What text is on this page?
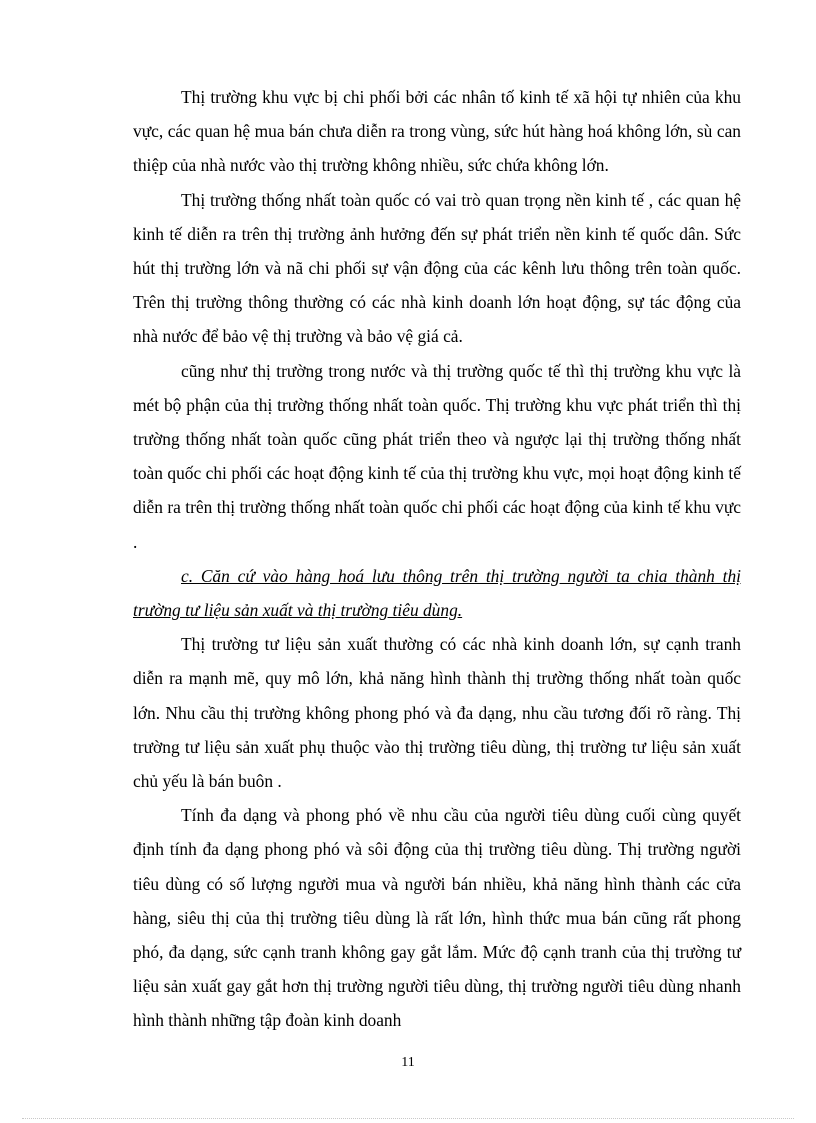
Thị trường khu vực bị chi phối bởi các nhân tố kinh tế xã hội tự nhiên của khu vực, các quan hệ mua bán chưa diễn ra trong vùng, sức hút hàng hoá không lớn, sù can thiệp của nhà nước vào thị trường không nhiều, sức chứa không lớn.

Thị trường thống nhất toàn quốc có vai trò quan trọng nền kinh tế , các quan hệ kinh tế diễn ra trên thị trường ảnh hưởng đến sự phát triển nền kinh tế quốc dân. Sức hút thị trường lớn và nã chi phối sự vận động của các kênh lưu thông trên toàn quốc. Trên thị trường thông thường có các nhà kinh doanh lớn hoạt động, sự tác động của nhà nước để bảo vệ thị trường và bảo vệ giá cả.

cũng như thị trường trong nước và thị trường quốc tế thì thị trường khu vực là mét bộ phận của thị trường thống nhất toàn quốc. Thị trường khu vực phát triển thì thị trường thống nhất toàn quốc cũng phát triển theo và ngược lại thị trường thống nhất toàn quốc chi phối các hoạt động kinh tế của thị trường khu vực, mọi hoạt động kinh tế diễn ra trên thị trường thống nhất toàn quốc chi phối các hoạt động của kinh tế khu vực .

c. Căn cứ vào hàng hoá lưu thông trên thị trường người ta chia thành thị trường tư liệu sản xuất và thị trường tiêu dùng.

Thị trường tư liệu sản xuất thường có các nhà kinh doanh lớn, sự cạnh tranh diễn ra mạnh mẽ, quy mô lớn, khả năng hình thành thị trường thống nhất toàn quốc lớn. Nhu cầu thị trường không phong phó và đa dạng, nhu cầu tương đối rõ ràng. Thị trường tư liệu sản xuất phụ thuộc vào thị trường tiêu dùng, thị trường tư liệu sản xuất chủ yếu là bán buôn .

Tính đa dạng và phong phó về nhu cầu của người tiêu dùng cuối cùng quyết định tính đa dạng phong phó và sôi động của thị trường tiêu dùng. Thị trường người tiêu dùng có số lượng người mua và người bán nhiều, khả năng hình thành các cửa hàng, siêu thị của thị trường tiêu dùng là rất lớn, hình thức mua bán cũng rất phong phó, đa dạng, sức cạnh tranh không gay gắt lắm. Mức độ cạnh tranh của thị trường tư liệu sản xuất gay gắt hơn thị trường người tiêu dùng, thị trường người tiêu dùng nhanh hình thành những tập đoàn kinh doanh

11
